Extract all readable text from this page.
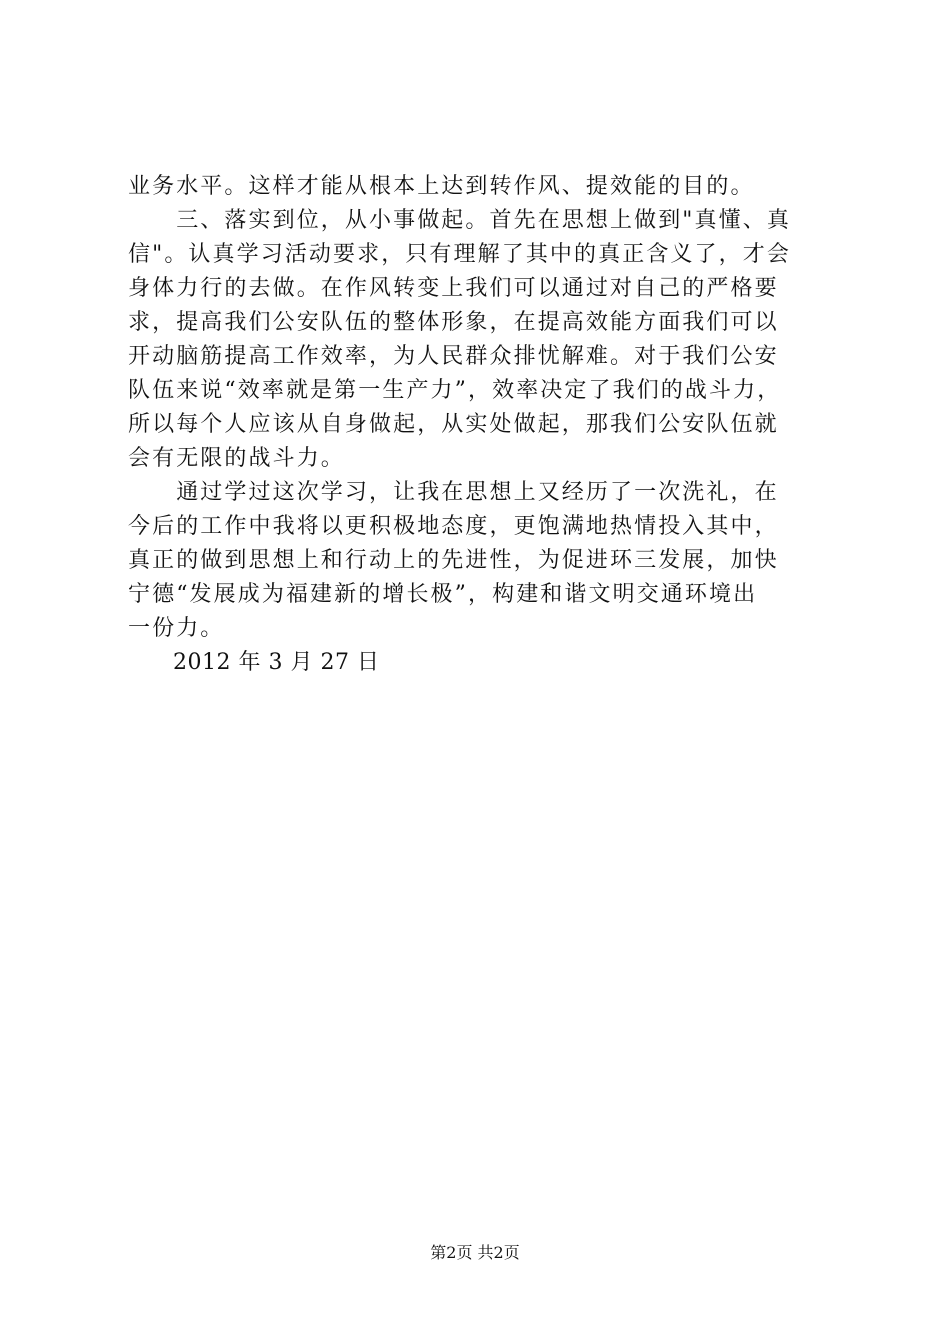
业务水平。这样才能从根本上达到转作风、提效能的目的。
　　三、落实到位，从小事做起。首先在思想上做到"真懂、真
信"。认真学习活动要求，只有理解了其中的真正含义了，才会
身体力行的去做。在作风转变上我们可以通过对自己的严格要
求，提高我们公安队伍的整体形象，在提高效能方面我们可以
开动脑筋提高工作效率，为人民群众排忧解难。对于我们公安
队伍来说“效率就是第一生产力”，效率决定了我们的战斗力，
所以每个人应该从自身做起，从实处做起，那我们公安队伍就
会有无限的战斗力。
　　通过学过这次学习，让我在思想上又经历了一次洗礼，在
今后的工作中我将以更积极地态度，更饱满地热情投入其中，
真正的做到思想上和行动上的先进性，为促进环三发展，加快
宁德“发展成为福建新的增长极”，构建和谐文明交通环境出
一份力。
　　2012 年 3 月 27 日
第2页 共2页
